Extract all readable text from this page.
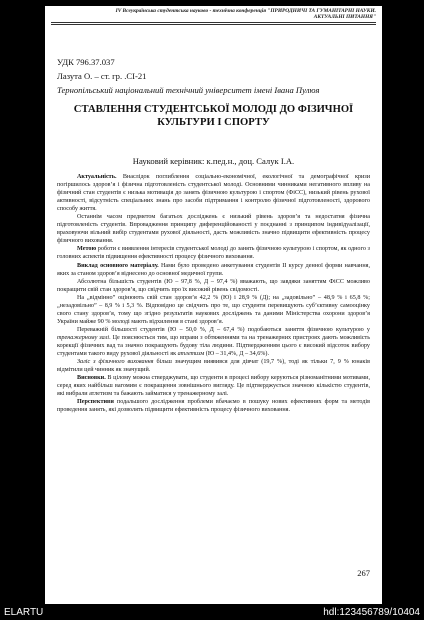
IV Всеукраїнська студентська науково - технічна конференція "ПРИРОДНИЧІ ТА ГУМАНІТАРНІ НАУКИ.
АКТУАЛЬНІ ПИТАННЯ"
УДК 796.37.037
Лазута О. – ст. гр. .СІ-21
Тернопільський національний технічний університет імені Івана Пулюя
СТАВЛЕННЯ СТУДЕНТСЬКОЇ МОЛОДІ ДО ФІЗИЧНОЇ
КУЛЬТУРИ І СПОРТУ
Науковий керівник: к.пед.н., доц. Салук І.А.

Актуальність. Внаслідок поглиблення соціально-економічної, екологічної та демографічної кризи погіршилось здоров’я і фізична підготовленість студентської молоді. Основними чинниками негативного впливу на фізичний стан студентів є низька мотивація до занять фізичною культурою і спортом (ФіСС), низький рівень рухової активності, відсутність спеціальних знань про засоби підтримання і контролю фізичної підготовленості, здорового способу життя.

Останнім часом предметом багатьох досліджень є низький рівень здоров’я та недостатня фізична підготовленість студентів. Впровадження принципу диференційованості у поєднанні з принципом індивідуалізації, враховуючи вільний вибір студентами рухової діяльності, дасть можливість значно підвищити ефективність процесу фізичного виховання.

Метою роботи є виявлення інтересів студентської молоді до занять фізичною культурою і спортом, як одного з головних аспектів підвищення ефективності процесу фізичного виховання.

Виклад основного матеріалу. Нами було проведено анкетування студентів ІІ курсу денної форми навчання, яких за станом здоров’я віднесено до основної медичної групи.

Абсолютна більшість студентів (Ю – 97,8 %, Д – 97,4 %) вважають, що завдяки заняттям ФіСС можливо покращити свій стан здоров’я, що свідчить про їх високий рівень свідомості.

На „відмінно” оцінюють свій стан здоров’я 42,2 % (Ю) і 28,9 % (Д); на „задовільно” – 48,9 % і 65,8 %; „незадовільно” – 8,9 % і 5,3 %. Відповідно це свідчить про те, що студенти перевищують суб’єктивну самооцінку свого стану здоров’я, тому що згідно результатів наукових досліджень та даними Міністерства охорони здоров’я України майже 90 % молоді мають відхилення в стані здоров’я.

Переважній більшості студентів (Ю – 50,0 %, Д – 67,4 %) подобаються заняття фізичною культурою у тренажерному залі. Це пояснюється тим, що вправи з обтяженнями та на тренажерних пристроях дають можливість корекції фізичних вад та значно покращують будову тіла людини. Підтвердженням цього є високий відсоток вибору студентами такого виду рухової діяльності як атлетизм (Ю – 31,4%, Д – 34,6%).

Заліс з фізичного виховання більш значущим виявився для дівчат (19,7 %), тоді як тільки 7, 9 % юнаків відмітили цей чинник як значущий.

Висновки. В цілому можна стверджувати, що студенти в процесі вибору керуються різноманітними мотивами, серед яких найбільш вагомим є покращення зовнішнього вигляду. Це підтверджується значною кількістю студентів, які вибрали атлетизм та бажають займатися у тренажерному залі.

Перспективи подальшого дослідження проблеми вбачаємо в пошуку нових ефективних форм та методів проведення занять, які дозволять підвищити ефективність процесу фізичного виховання.

267
ELARTU	hdl:123456789/10404
